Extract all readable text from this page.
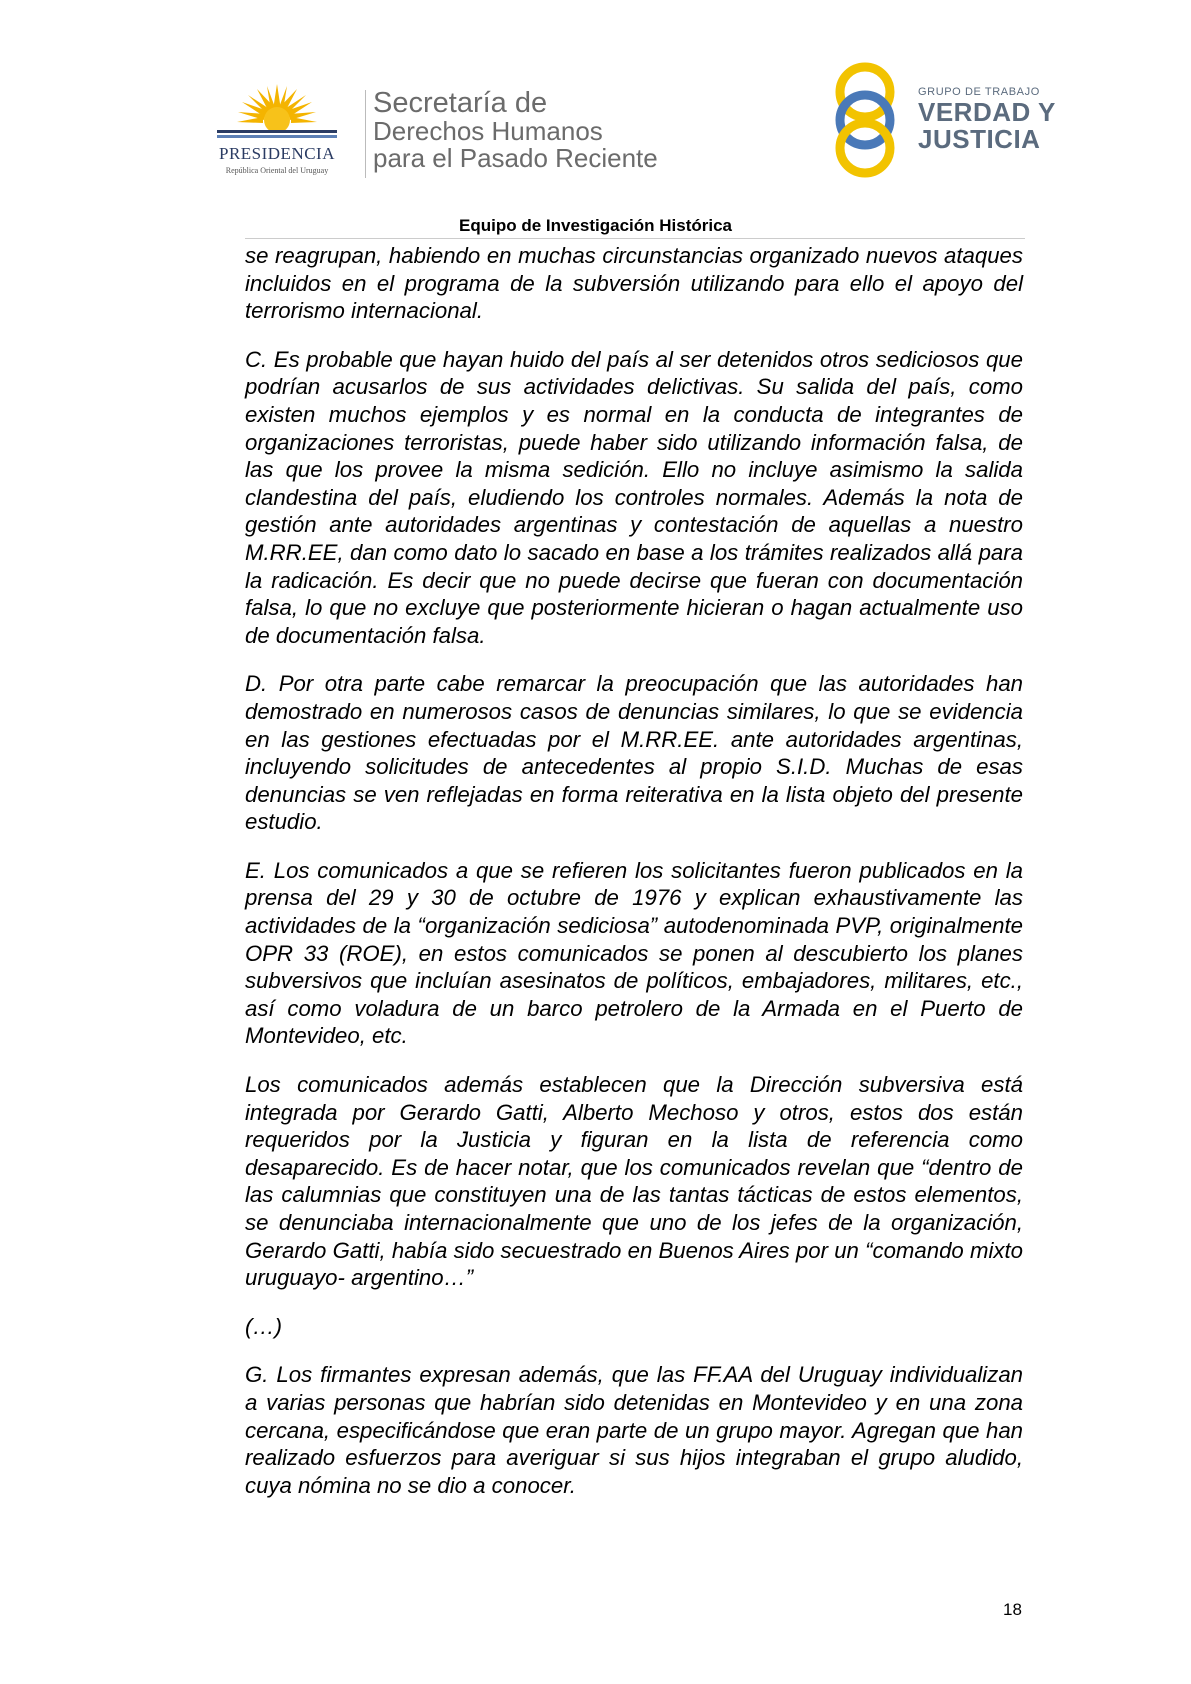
PRESIDENCIA
República Oriental del Uruguay
Secretaría de
Derechos Humanos
para el Pasado Reciente
GRUPO DE TRABAJO
VERDAD Y
JUSTICIA
Equipo de Investigación Histórica

se reagrupan, habiendo en muchas circunstancias organizado nuevos ataques incluidos en el programa de la subversión utilizando para ello el apoyo del terrorismo internacional.

C. Es probable que hayan huido del país al ser detenidos otros sediciosos que podrían acusarlos de sus actividades delictivas. Su salida del país, como existen muchos ejemplos y es normal en la conducta de integrantes de organizaciones terroristas, puede haber sido utilizando información falsa, de las que los provee la misma sedición. Ello no incluye asimismo la salida clandestina del país, eludiendo los controles normales. Además la nota de gestión ante autoridades argentinas y contestación de aquellas a nuestro M.RR.EE, dan como dato lo sacado en base a los trámites realizados allá para la radicación. Es decir que no puede decirse que fueran con documentación falsa, lo que no excluye que posteriormente hicieran o hagan actualmente uso de documentación falsa.

D. Por otra parte cabe remarcar la preocupación que las autoridades han demostrado en numerosos casos de denuncias similares, lo que se evidencia en las gestiones efectuadas por el M.RR.EE. ante autoridades argentinas, incluyendo solicitudes de antecedentes al propio S.I.D. Muchas de esas denuncias se ven reflejadas en forma reiterativa en la lista objeto del presente estudio.

E. Los comunicados a que se refieren los solicitantes fueron publicados en la prensa del 29 y 30 de octubre de 1976 y explican exhaustivamente las actividades de la “organización sediciosa” autodenominada PVP, originalmente OPR 33 (ROE), en estos comunicados se ponen al descubierto los planes subversivos que incluían asesinatos de políticos, embajadores, militares, etc., así como voladura de un barco petrolero de la Armada en el Puerto de Montevideo, etc.

Los comunicados además establecen que la Dirección subversiva está integrada por Gerardo Gatti, Alberto Mechoso y otros, estos dos están requeridos por la Justicia y figuran en la lista de referencia como desaparecido. Es de hacer notar, que los comunicados revelan que “dentro de las calumnias que constituyen una de las tantas tácticas de estos elementos, se denunciaba internacionalmente que uno de los jefes de la organización, Gerardo Gatti, había sido secuestrado en Buenos Aires por un “comando mixto uruguayo- argentino…”

(…)

G. Los firmantes expresan además, que las FF.AA del Uruguay individualizan a varias personas que habrían sido detenidas en Montevideo y en una zona cercana, especificándose que eran parte de un grupo mayor. Agregan que han realizado esfuerzos para averiguar si sus hijos integraban el grupo aludido, cuya nómina no se dio a conocer.

18
